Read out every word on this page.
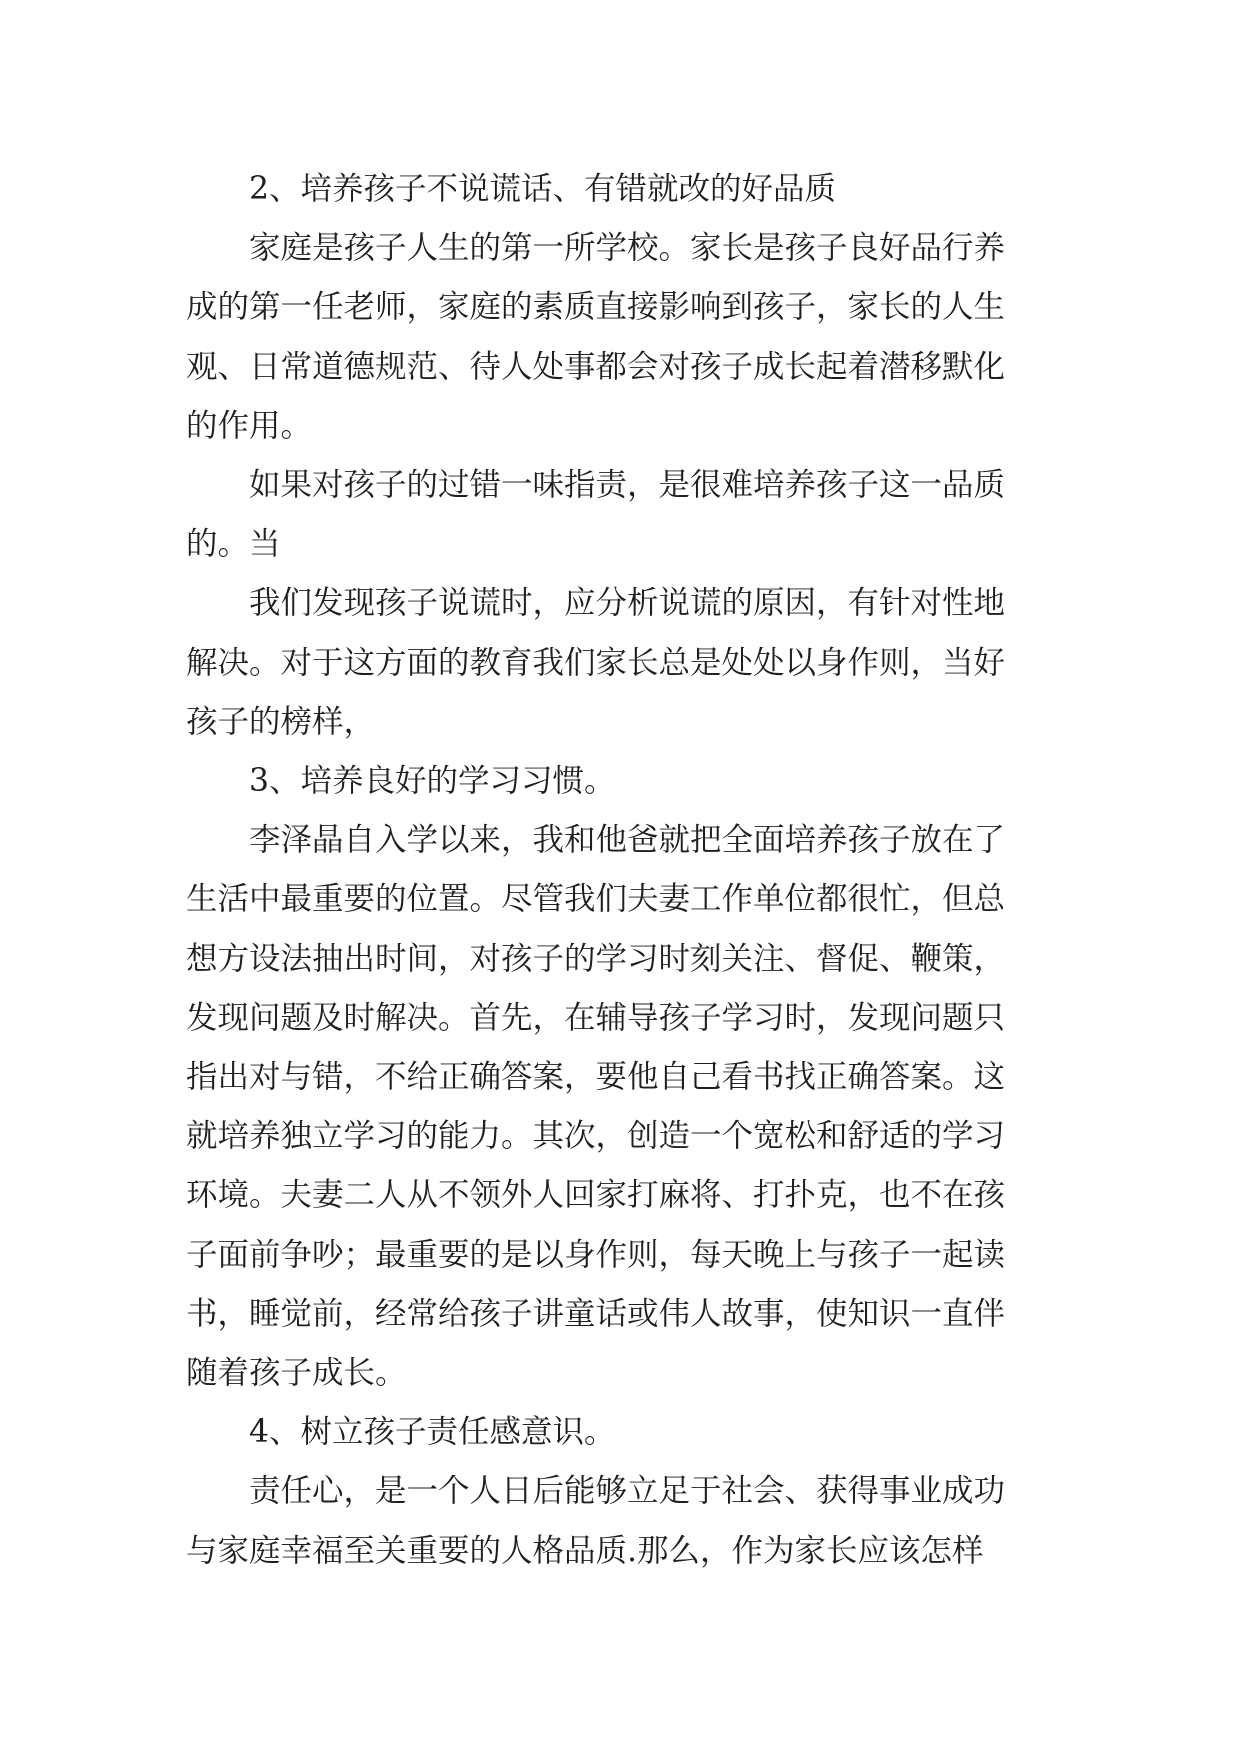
2、培养孩子不说谎话、有错就改的好品质
家庭是孩子人生的第一所学校。家长是孩子良好品行养
成的第一任老师，家庭的素质直接影响到孩子，家长的人生
观、日常道德规范、待人处事都会对孩子成长起着潜移默化
的作用。
如果对孩子的过错一味指责，是很难培养孩子这一品质
的。当
我们发现孩子说谎时，应分析说谎的原因，有针对性地
解决。对于这方面的教育我们家长总是处处以身作则，当好
孩子的榜样，
3、培养良好的学习习惯。
李泽晶自入学以来，我和他爸就把全面培养孩子放在了
生活中最重要的位置。尽管我们夫妻工作单位都很忙，但总
想方设法抽出时间，对孩子的学习时刻关注、督促、鞭策，
发现问题及时解决。首先，在辅导孩子学习时，发现问题只
指出对与错，不给正确答案，要他自己看书找正确答案。这
就培养独立学习的能力。其次，创造一个宽松和舒适的学习
环境。夫妻二人从不领外人回家打麻将、打扑克，也不在孩
子面前争吵；最重要的是以身作则，每天晚上与孩子一起读
书，睡觉前，经常给孩子讲童话或伟人故事，使知识一直伴
随着孩子成长。
4、树立孩子责任感意识。
责任心，是一个人日后能够立足于社会、获得事业成功
与家庭幸福至关重要的人格品质.那么，作为家长应该怎样
